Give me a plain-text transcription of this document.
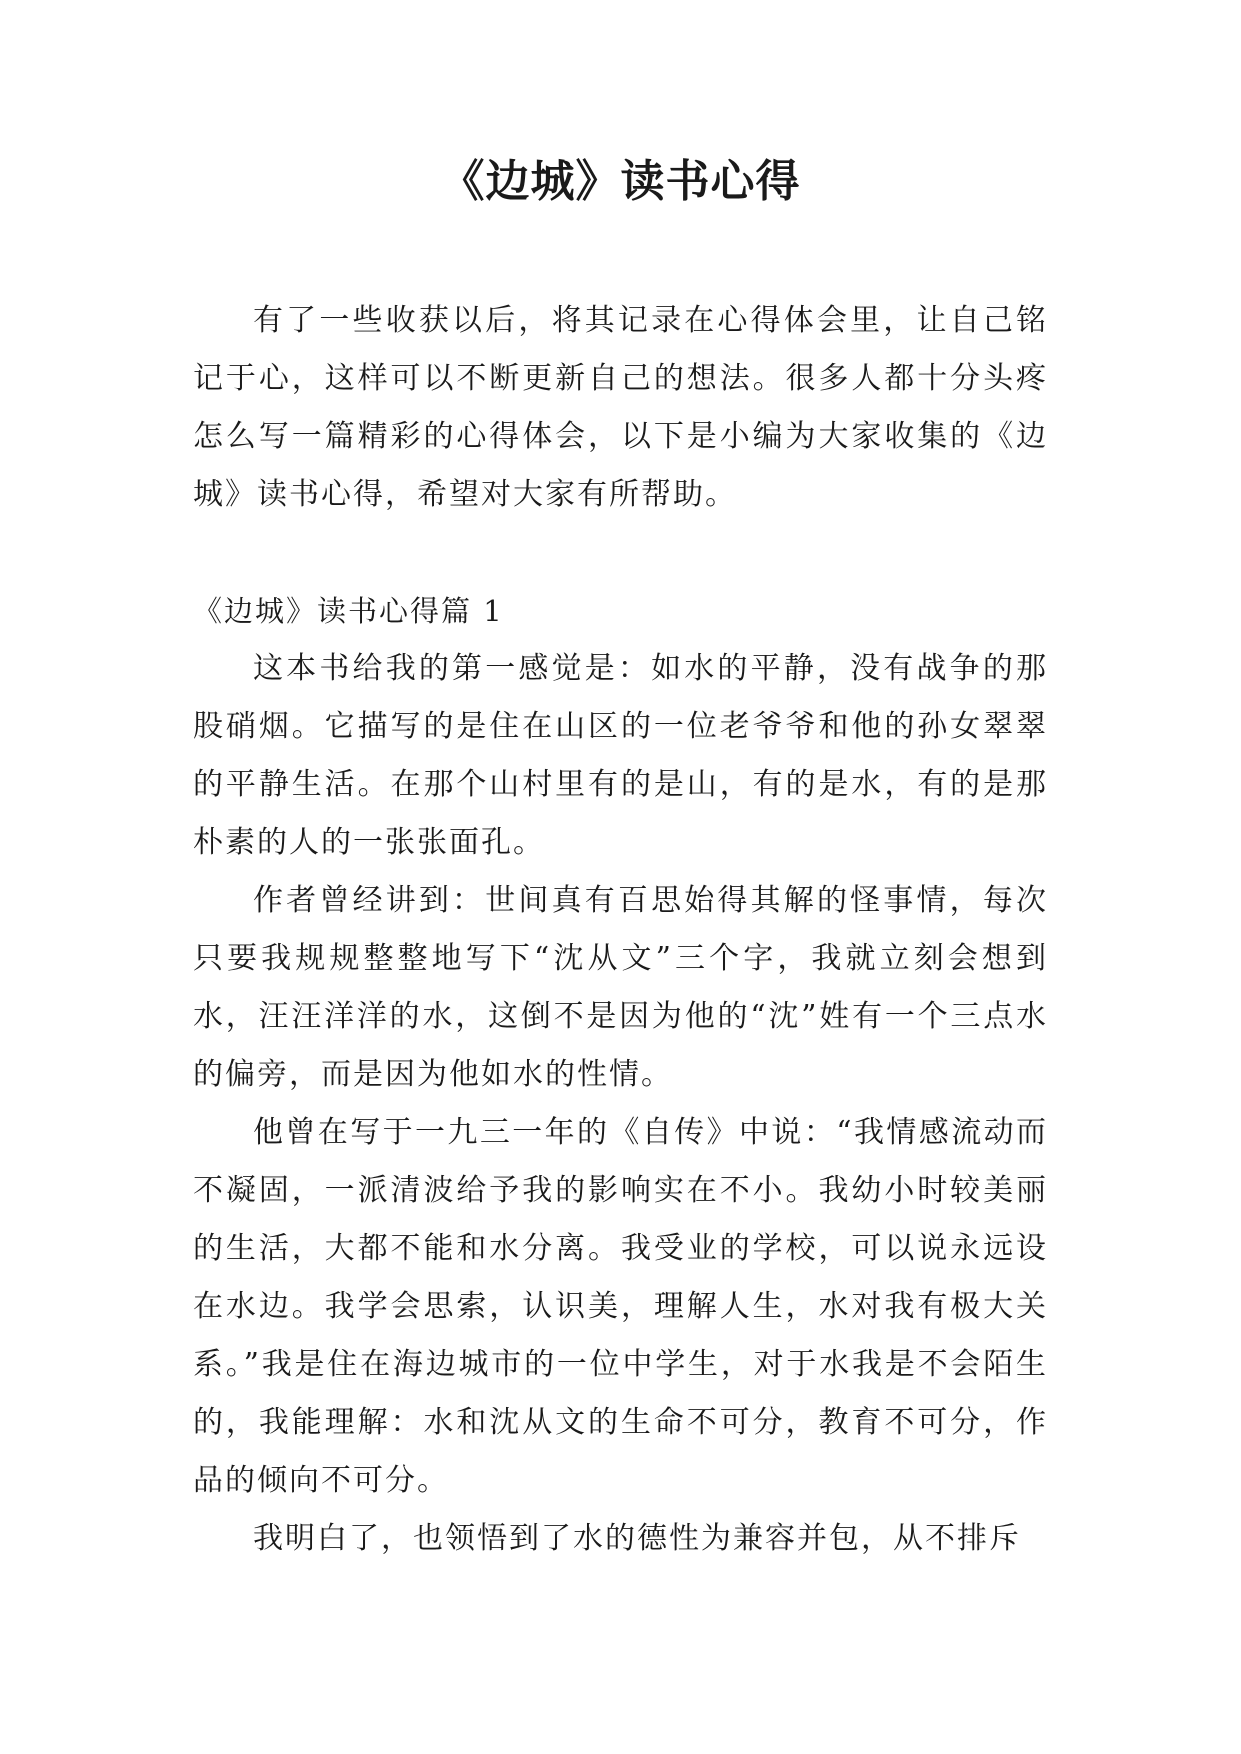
《边城》读书心得

有了一些收获以后，将其记录在心得体会里，让自己铭记于心，这样可以不断更新自己的想法。很多人都十分头疼怎么写一篇精彩的心得体会，以下是小编为大家收集的《边城》读书心得，希望对大家有所帮助。

《边城》读书心得篇 1

这本书给我的第一感觉是：如水的平静，没有战争的那股硝烟。它描写的是住在山区的一位老爷爷和他的孙女翠翠的平静生活。在那个山村里有的是山，有的是水，有的是那朴素的人的一张张面孔。

作者曾经讲到：世间真有百思始得其解的怪事情，每次只要我规规整整地写下“沈从文”三个字，我就立刻会想到水，汪汪洋洋的水，这倒不是因为他的“沈”姓有一个三点水的偏旁，而是因为他如水的性情。

他曾在写于一九三一年的《自传》中说：“我情感流动而不凝固，一派清波给予我的影响实在不小。我幼小时较美丽的生活，大都不能和水分离。我受业的学校，可以说永远设在水边。我学会思索，认识美，理解人生，水对我有极大关系。”我是住在海边城市的一位中学生，对于水我是不会陌生的，我能理解：水和沈从文的生命不可分，教育不可分，作品的倾向不可分。

我明白了，也领悟到了水的德性为兼容并包，从不排斥
